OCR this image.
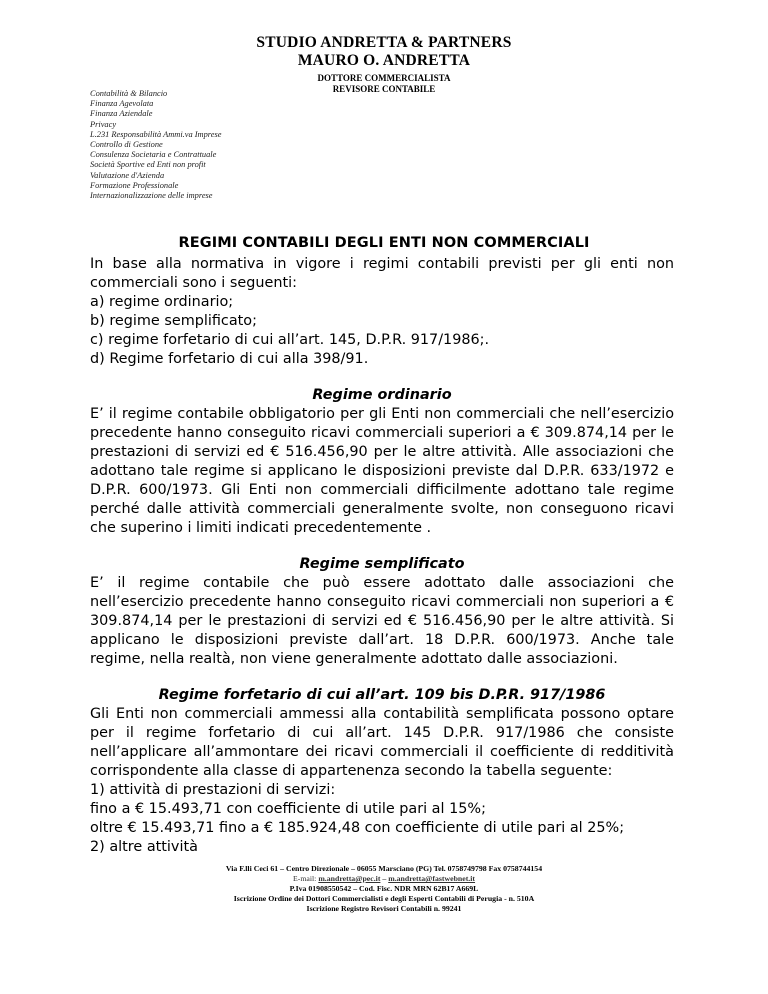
STUDIO ANDRETTA & PARTNERS
MAURO O. ANDRETTA
DOTTORE COMMERCIALISTA
REVISORE CONTABILE
Contabilità & Bilancio
Finanza Agevolata
Finanza Aziendale
Privacy
L.231 Responsabilità Ammi.va Imprese
Controllo di Gestione
Consulenza Societaria e Contrattuale
Società Sportive ed Enti non profit
Valutazione d'Azienda
Formazione Professionale
Internazionalizzazione delle imprese
REGIMI CONTABILI DEGLI ENTI NON COMMERCIALI

In base alla normativa in vigore i regimi contabili previsti per gli enti non commerciali sono i seguenti:

a) regime ordinario;

b) regime semplificato;

c) regime forfetario di cui all’art. 145, D.P.R. 917/1986;.

d) Regime forfetario di cui alla 398/91.

Regime ordinario

E’ il regime contabile obbligatorio per gli Enti non commerciali che nell’esercizio precedente hanno conseguito ricavi commerciali superiori a € 309.874,14 per le prestazioni di servizi ed € 516.456,90 per le altre attività. Alle associazioni che adottano tale regime si applicano le disposizioni previste dal D.P.R. 633/1972 e D.P.R. 600/1973. Gli Enti non commerciali difficilmente adottano tale regime perché dalle attività commerciali generalmente svolte, non conseguono ricavi che superino i limiti indicati precedentemente .

Regime semplificato

E’ il regime contabile che può essere adottato dalle associazioni che nell’esercizio precedente hanno conseguito ricavi commerciali non superiori a € 309.874,14 per le prestazioni di servizi ed € 516.456,90 per le altre attività. Si applicano le disposizioni previste dall’art. 18 D.P.R. 600/1973. Anche tale regime, nella realtà, non viene generalmente adottato dalle associazioni.

Regime forfetario di cui all’art. 109 bis D.P.R. 917/1986

Gli Enti non commerciali ammessi alla contabilità semplificata possono optare per il regime forfetario di cui all’art. 145 D.P.R. 917/1986 che consiste nell’applicare all’ammontare dei ricavi commerciali il coefficiente di redditività corrispondente alla classe di appartenenza secondo la tabella seguente:

1) attività di prestazioni di servizi:

fino a € 15.493,71 con coefficiente di utile pari al 15%;

oltre € 15.493,71 fino a € 185.924,48 con coefficiente di utile pari al 25%;

2) altre attività

Via F.lli Ceci 61 – Centro Direzionale – 06055 Marsciano (PG) Tel. 0758749798 Fax 0758744154
E-mail: m.andretta@pec.it – m.andretta@fastwebnet.it
P.Iva 01908550542 – Cod. Fisc. NDR MRN 62B17 A669L
Iscrizione Ordine dei Dottori Commercialisti e degli Esperti Contabili di Perugia - n. 510A
Iscrizione Registro Revisori Contabili n. 99241
